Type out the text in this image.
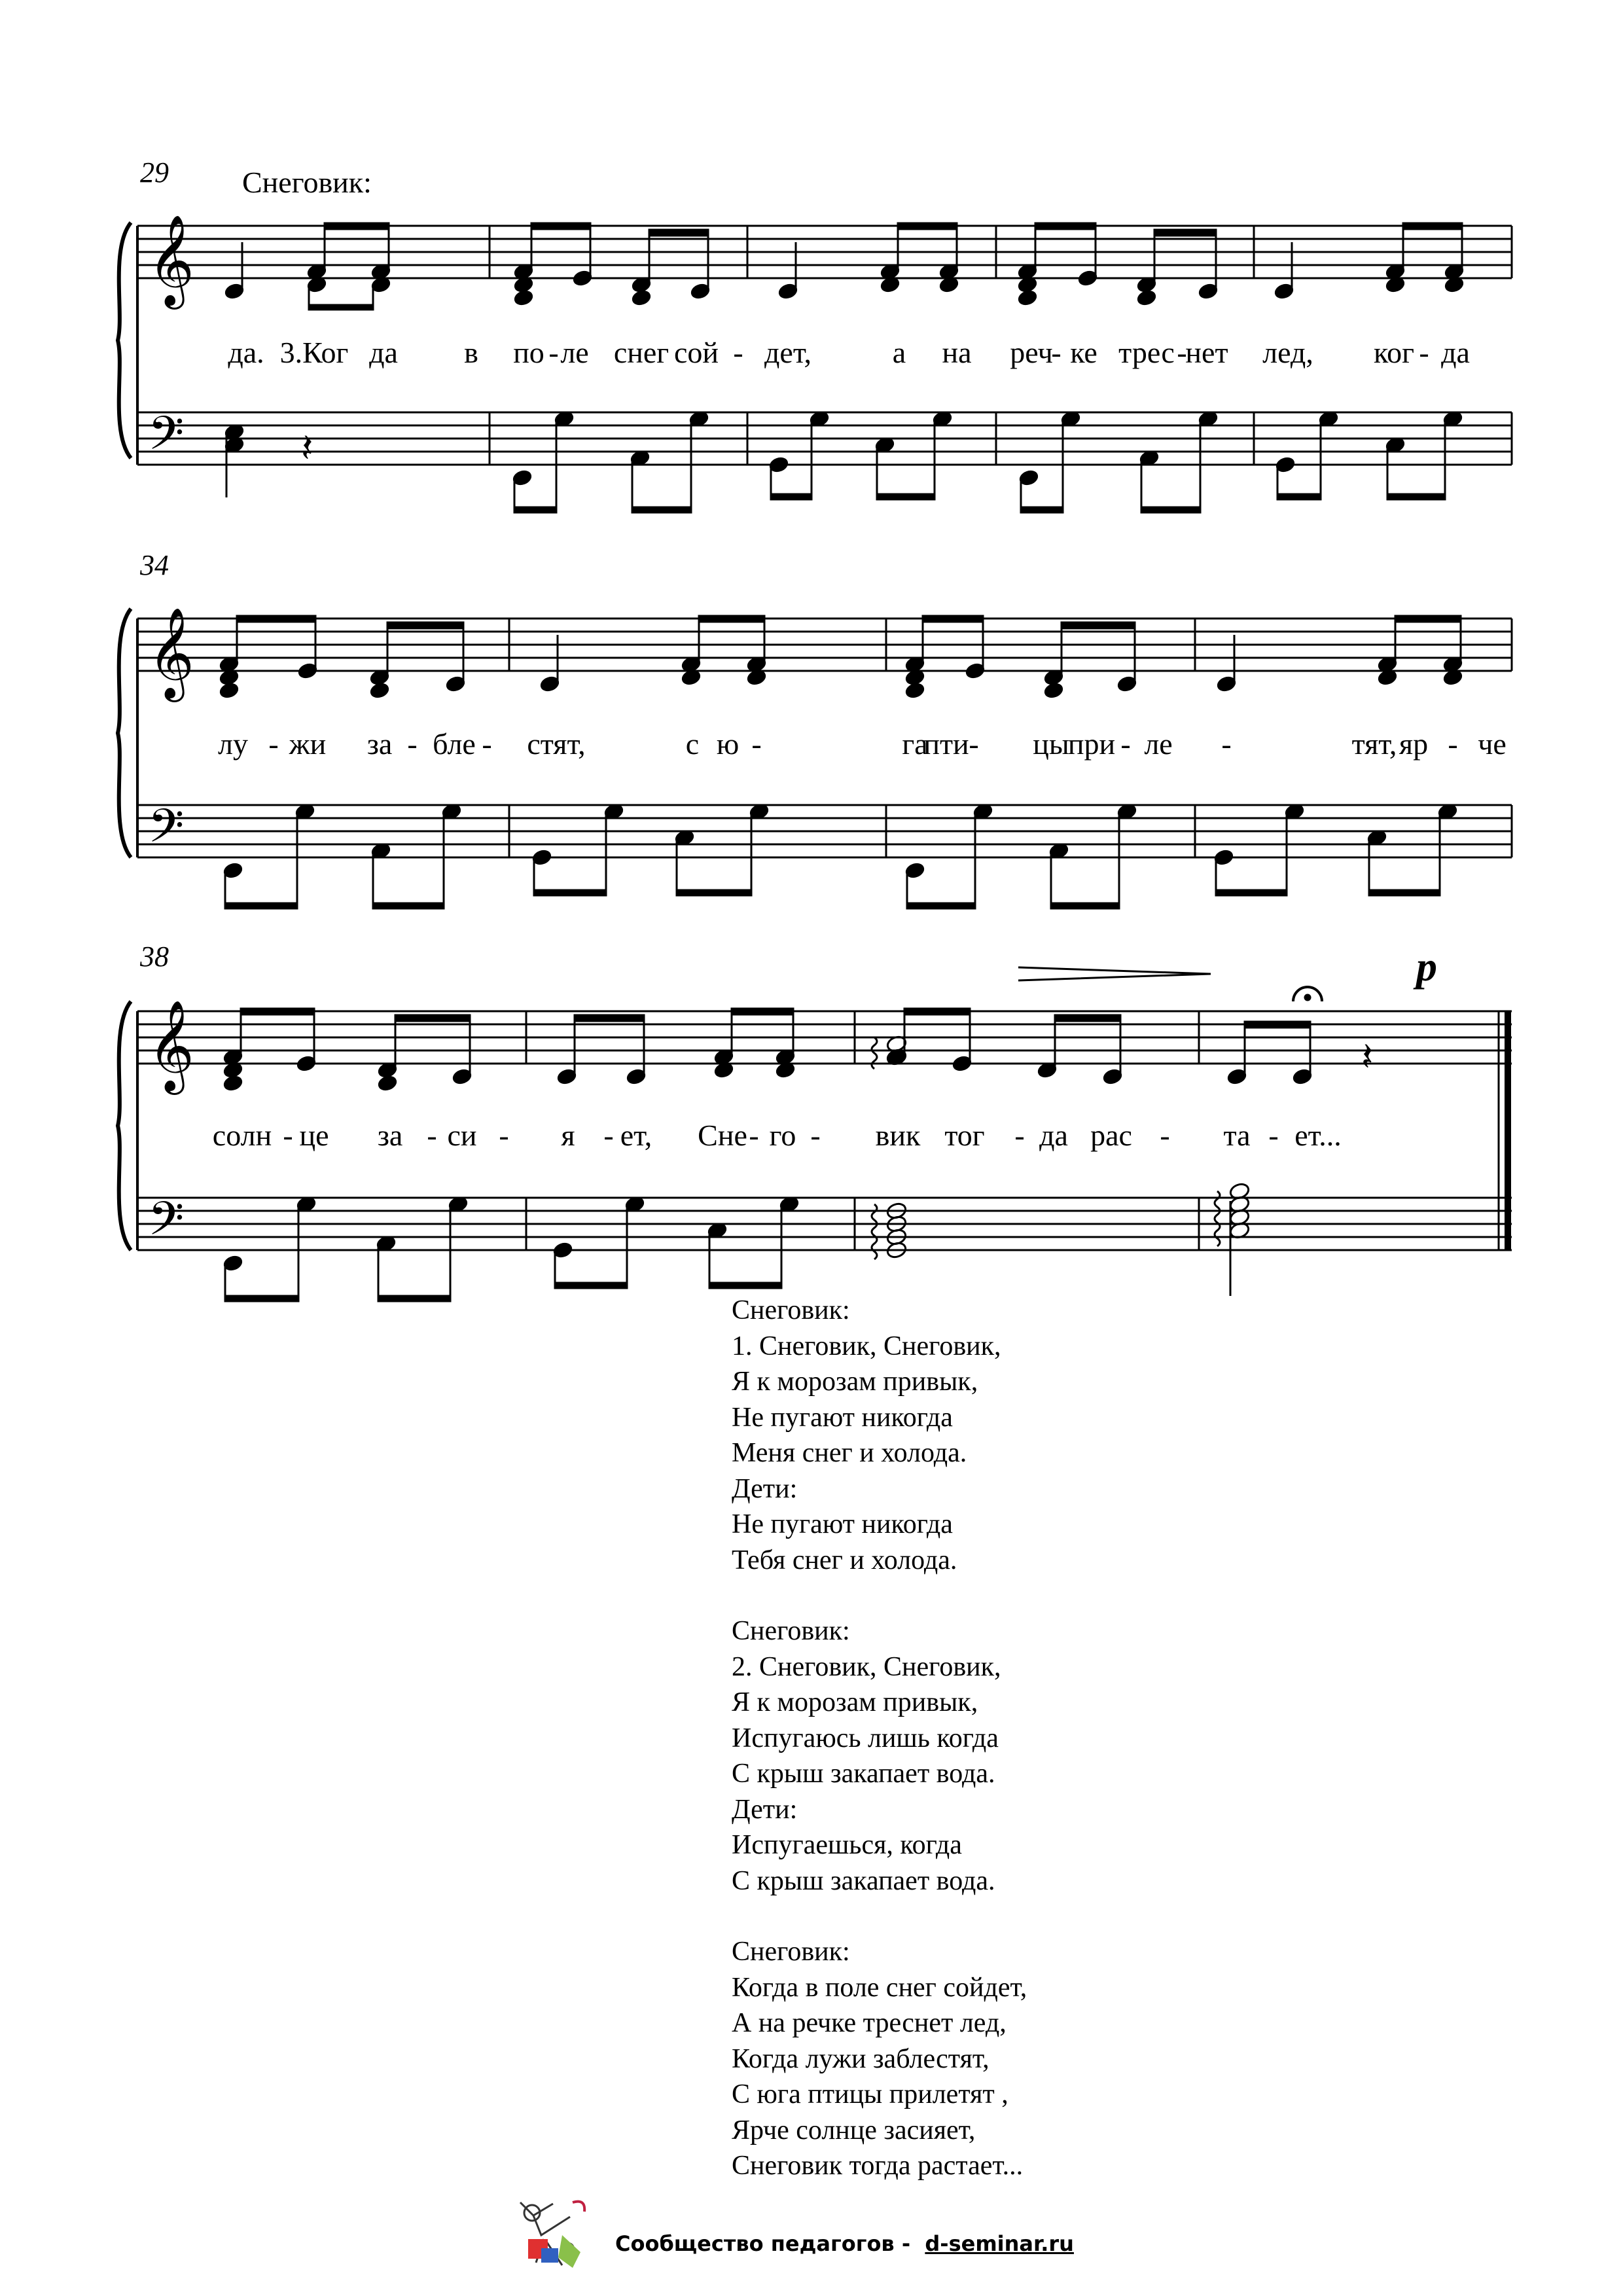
29 Снеговик:
𝄞
𝄢	𝄽
𝄞
𝄢
𝄞
𝄢
𝄽
34
38	p
да. 3.Ког да в по - ле снег сой - дет,	а на реч
- ке трес -
нет лед, ког - да
лу - жи за - бле - стят,	с ю -	га
пти - цы
при - ле -	тят, яр - че
солн - це за - си - я - ет, Сне - го - вик тог - да рас - та - ет...
Снеговик:
1. Снеговик, Снеговик,
Я к морозам привык,
Не пугают никогда
Меня снег и холода.
Дети:
Не пугают никогда
Тебя снег и холода.
Снеговик:
2. Снеговик, Снеговик,
Я к морозам привык,
Испугаюсь лишь когда
С крыш закапает вода.
Дети:
Испугаешься, когда
С крыш закапает вода.
Снеговик:
Когда в поле снег сойдет,
А на речке треснет лед,
Когда лужи заблестят,
С юга птицы прилетят ,
Ярче солнце засияет,
Снеговик тогда растает...
Сообщество педагогов - d-seminar.ru
